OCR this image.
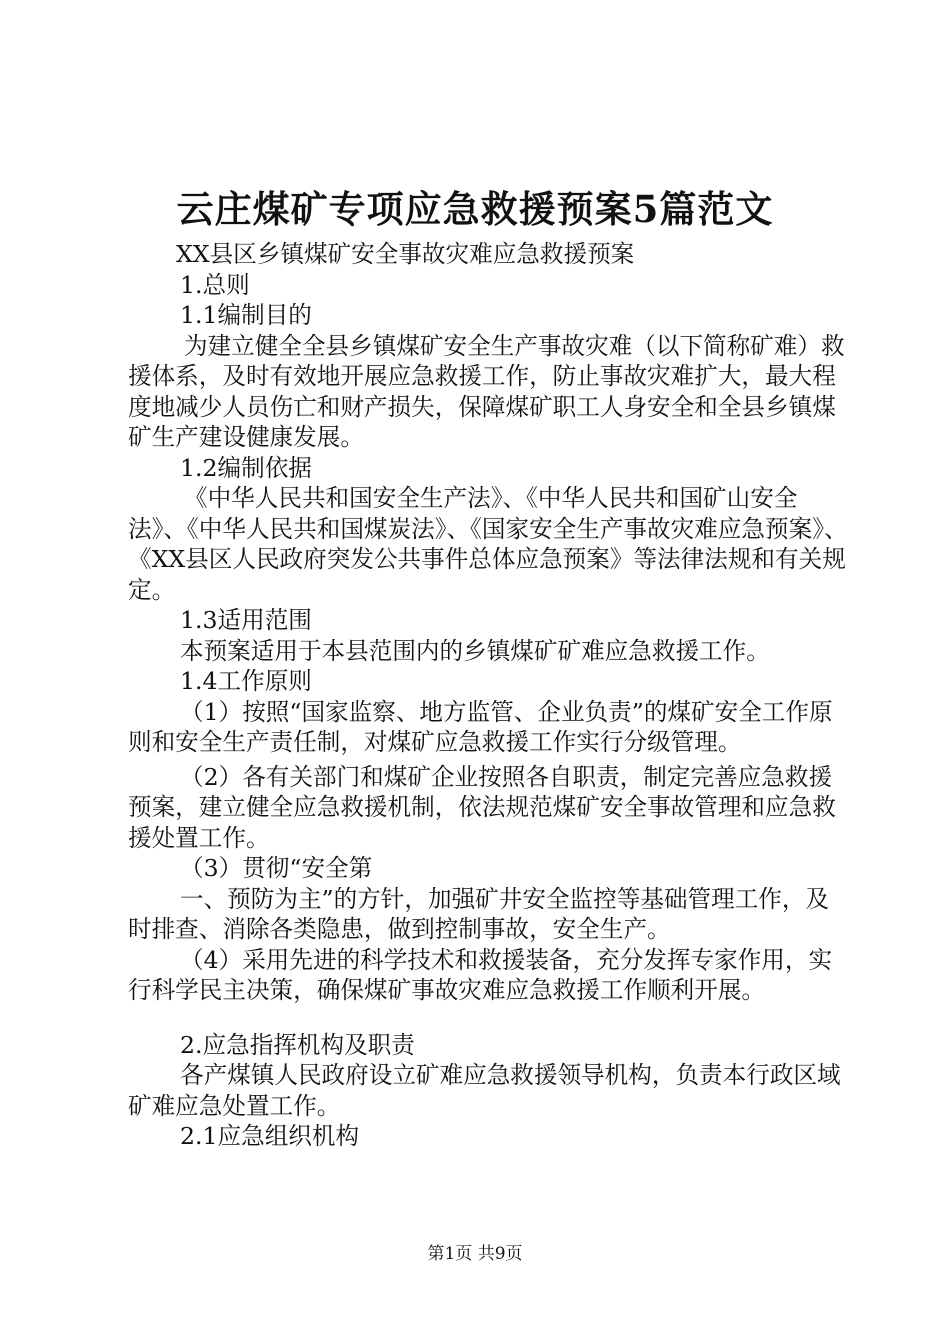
云庄煤矿专项应急救援预案5篇范文

XX县区乡镇煤矿安全事故灾难应急救援预案

1.总则

1.1编制目的

为建立健全全县乡镇煤矿安全生产事故灾难（以下简称矿难）救援体系，及时有效地开展应急救援工作，防止事故灾难扩大，最大程度地减少人员伤亡和财产损失，保障煤矿职工人身安全和全县乡镇煤矿生产建设健康发展。

1.2编制依据

《中华人民共和国安全生产法》、《中华人民共和国矿山安全法》、《中华人民共和国煤炭法》、《国家安全生产事故灾难应急预案》、《XX县区人民政府突发公共事件总体应急预案》等法律法规和有关规定。

1.3适用范围

本预案适用于本县范围内的乡镇煤矿矿难应急救援工作。

1.4工作原则

（1）按照“国家监察、地方监管、企业负责”的煤矿安全工作原则和安全生产责任制，对煤矿应急救援工作实行分级管理。

（2）各有关部门和煤矿企业按照各自职责，制定完善应急救援预案，建立健全应急救援机制，依法规范煤矿安全事故管理和应急救援处置工作。

（3）贯彻“安全第

一、预防为主”的方针，加强矿井安全监控等基础管理工作，及时排查、消除各类隐患，做到控制事故，安全生产。

（4）采用先进的科学技术和救援装备，充分发挥专家作用，实行科学民主决策，确保煤矿事故灾难应急救援工作顺利开展。

2.应急指挥机构及职责

各产煤镇人民政府设立矿难应急救援领导机构，负责本行政区域矿难应急处置工作。

2.1应急组织机构

第1页 共9页
